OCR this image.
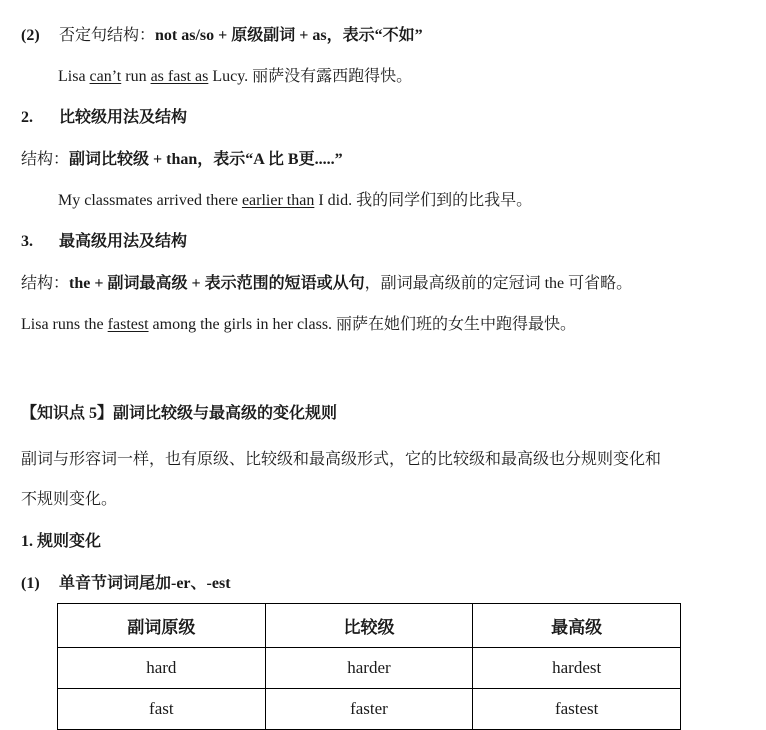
(2) 否定句结构：not as/so + 原级副词 + as，表示“不如”
Lisa can’t run as fast as Lucy. 丽萨没有露西跑得快。
2. 比较级用法及结构
结构：副词比较级 + than，表示“A 比 B更.....”
My classmates arrived there earlier than I did. 我的同学们到的比我早。
3. 最高级用法及结构
结构：the + 副词最高级 + 表示范围的短语或从句，副词最高级前的定冠词 the 可省略。
Lisa runs the fastest among the girls in her class. 丽萨在她们班的女生中跑得最快。
【知识点 5】副词比较级与最高级的变化规则
副词与形容词一样，也有原级、比较级和最高级形式，它的比较级和最高级也分规则变化和
不规则变化。
1. 规则变化
(1) 单音节词词尾加-er、-est
副词原级	比较级	最高级
hard	harder	hardest
fast	faster	fastest
